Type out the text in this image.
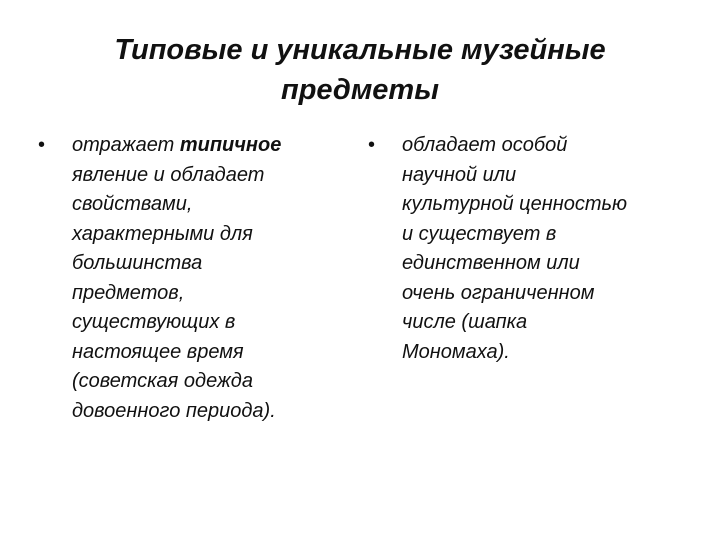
Типовые и уникальные музейные
предметы
• отражает типичное
явление и обладает
свойствами,
характерными для
большинства
предметов,
существующих в
настоящее время
(советская одежда
довоенного периода).
• обладает особой
научной или
культурной ценностью
и существует в
единственном или
очень ограниченном
числе (шапка
Мономаха).
